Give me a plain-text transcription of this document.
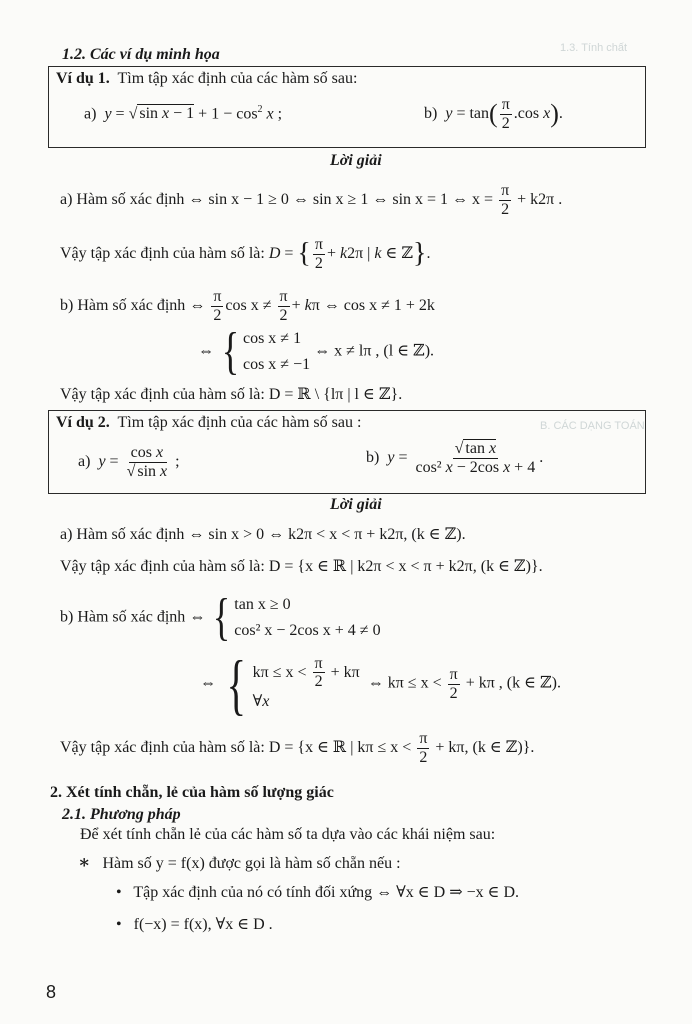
1.3. Tính chất
B. CÁC DẠNG TOÁN
1.2. Các ví dụ minh họa
Ví dụ 1. Tìm tập xác định của các hàm số sau:
a) y = √ $\sin x - 1 + 1 - \cos^2 x$ ;	b) $y = \tan( \frac{\pi}{2} .\cos$ x).
Lời giải
a) Hàm số xác định ⇔ sin x − 1 ≥ 0 ⇔ sin x ≥ 1 ⇔ sin x = 1 ⇔ $x = \frac{\pi}{2} + k2\pi$ .
Vậy tập xác định của hàm số là: D = { $\frac{\pi}{2} + k2\pi$ | k ∈ ℤ}.
b) Hàm số xác định ⇔ $\frac{\pi}{2}$ $\cos x \ne \frac{\pi}{2} + k\pi$ ⇔ cos x ≠ 1 + 2k
⇔ { cos x ≠ 1
cos x ≠ −1
⇔ x ≠ lπ , (l ∈ ℤ).
Vậy tập xác định của hàm số là: D = ℝ \ {lπ | l ∈ ℤ}.
Ví dụ 2. Tìm tập xác định của các hàm số sau :
a) $y = \frac{\text{cos x}}{\text{√ sin x}}$ ;	b) $y = \frac{\text{√ tan x}}{\text{cos² x − 2cos x + 4}}$ .
Lời giải
a) Hàm số xác định ⇔ sin x > 0 ⇔ k2π < x < π + k2π, (k ∈ ℤ).
Vậy tập xác định của hàm số là: D = {x ∈ ℝ | k2π < x < π + k2π, (k ∈ ℤ)}.
b) Hàm số xác định ⇔ { tan x ≥ 0
cos² x − 2cos x + 4 ≠ 0
⇔ { $k\pi \le x < \frac{\pi}{2} + k\pi$
∀x
⇔ $k\pi \le x < \frac{\pi}{2} + k\pi$ , (k ∈ ℤ).
Vậy tập xác định của hàm số là: D = {x ∈ ℝ | $k\pi \le x < \frac{\pi}{2} + k\pi$, (k ∈ ℤ)}.
2. Xét tính chẵn, lẻ của hàm số lượng giác
2.1. Phương pháp
Để xét tính chẵn lẻ của các hàm số ta dựa vào các khái niệm sau:
∗ Hàm số y = f(x) được gọi là hàm số chẵn nếu :
•   Tập xác định của nó có tính đối xứng ⇔ ∀x ∈ D ⇒ −x ∈ D.
•   f(−x) = f(x), ∀x ∈ D .
8
